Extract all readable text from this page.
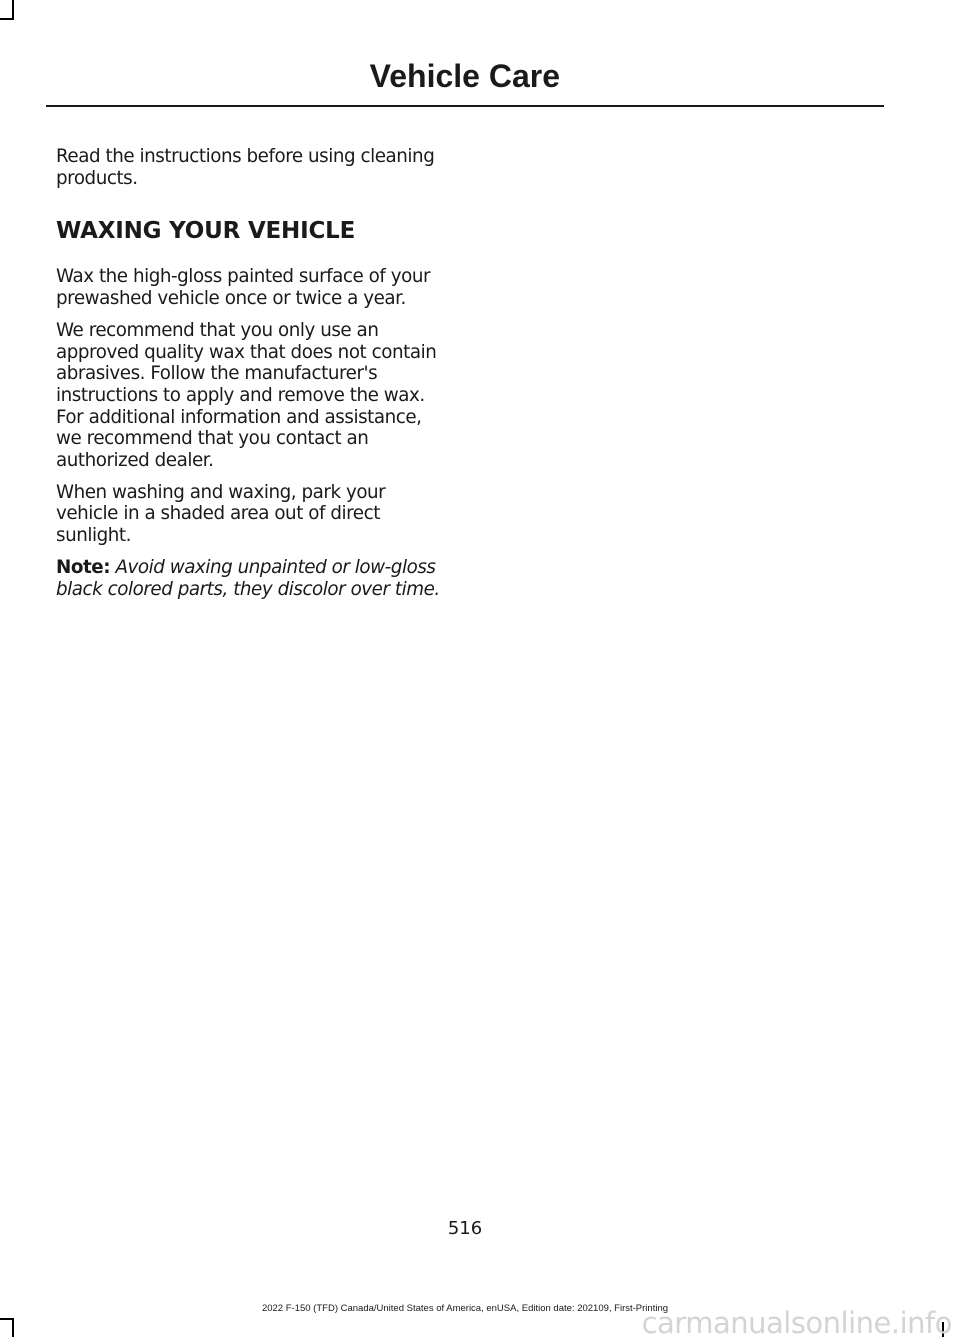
Vehicle Care

Read the instructions before using cleaning products.

WAXING YOUR VEHICLE

Wax the high-gloss painted surface of your prewashed vehicle once or twice a year.

We recommend that you only use an approved quality wax that does not contain abrasives. Follow the manufacturer's instructions to apply and remove the wax. For additional information and assistance, we recommend that you contact an authorized dealer.

When washing and waxing, park your vehicle in a shaded area out of direct sunlight.

Note: Avoid waxing unpainted or low-gloss black colored parts, they discolor over time.

516
2022 F-150 (TFD) Canada/United States of America, enUSA, Edition date: 202109, First-Printing
carmanualsonline.info
